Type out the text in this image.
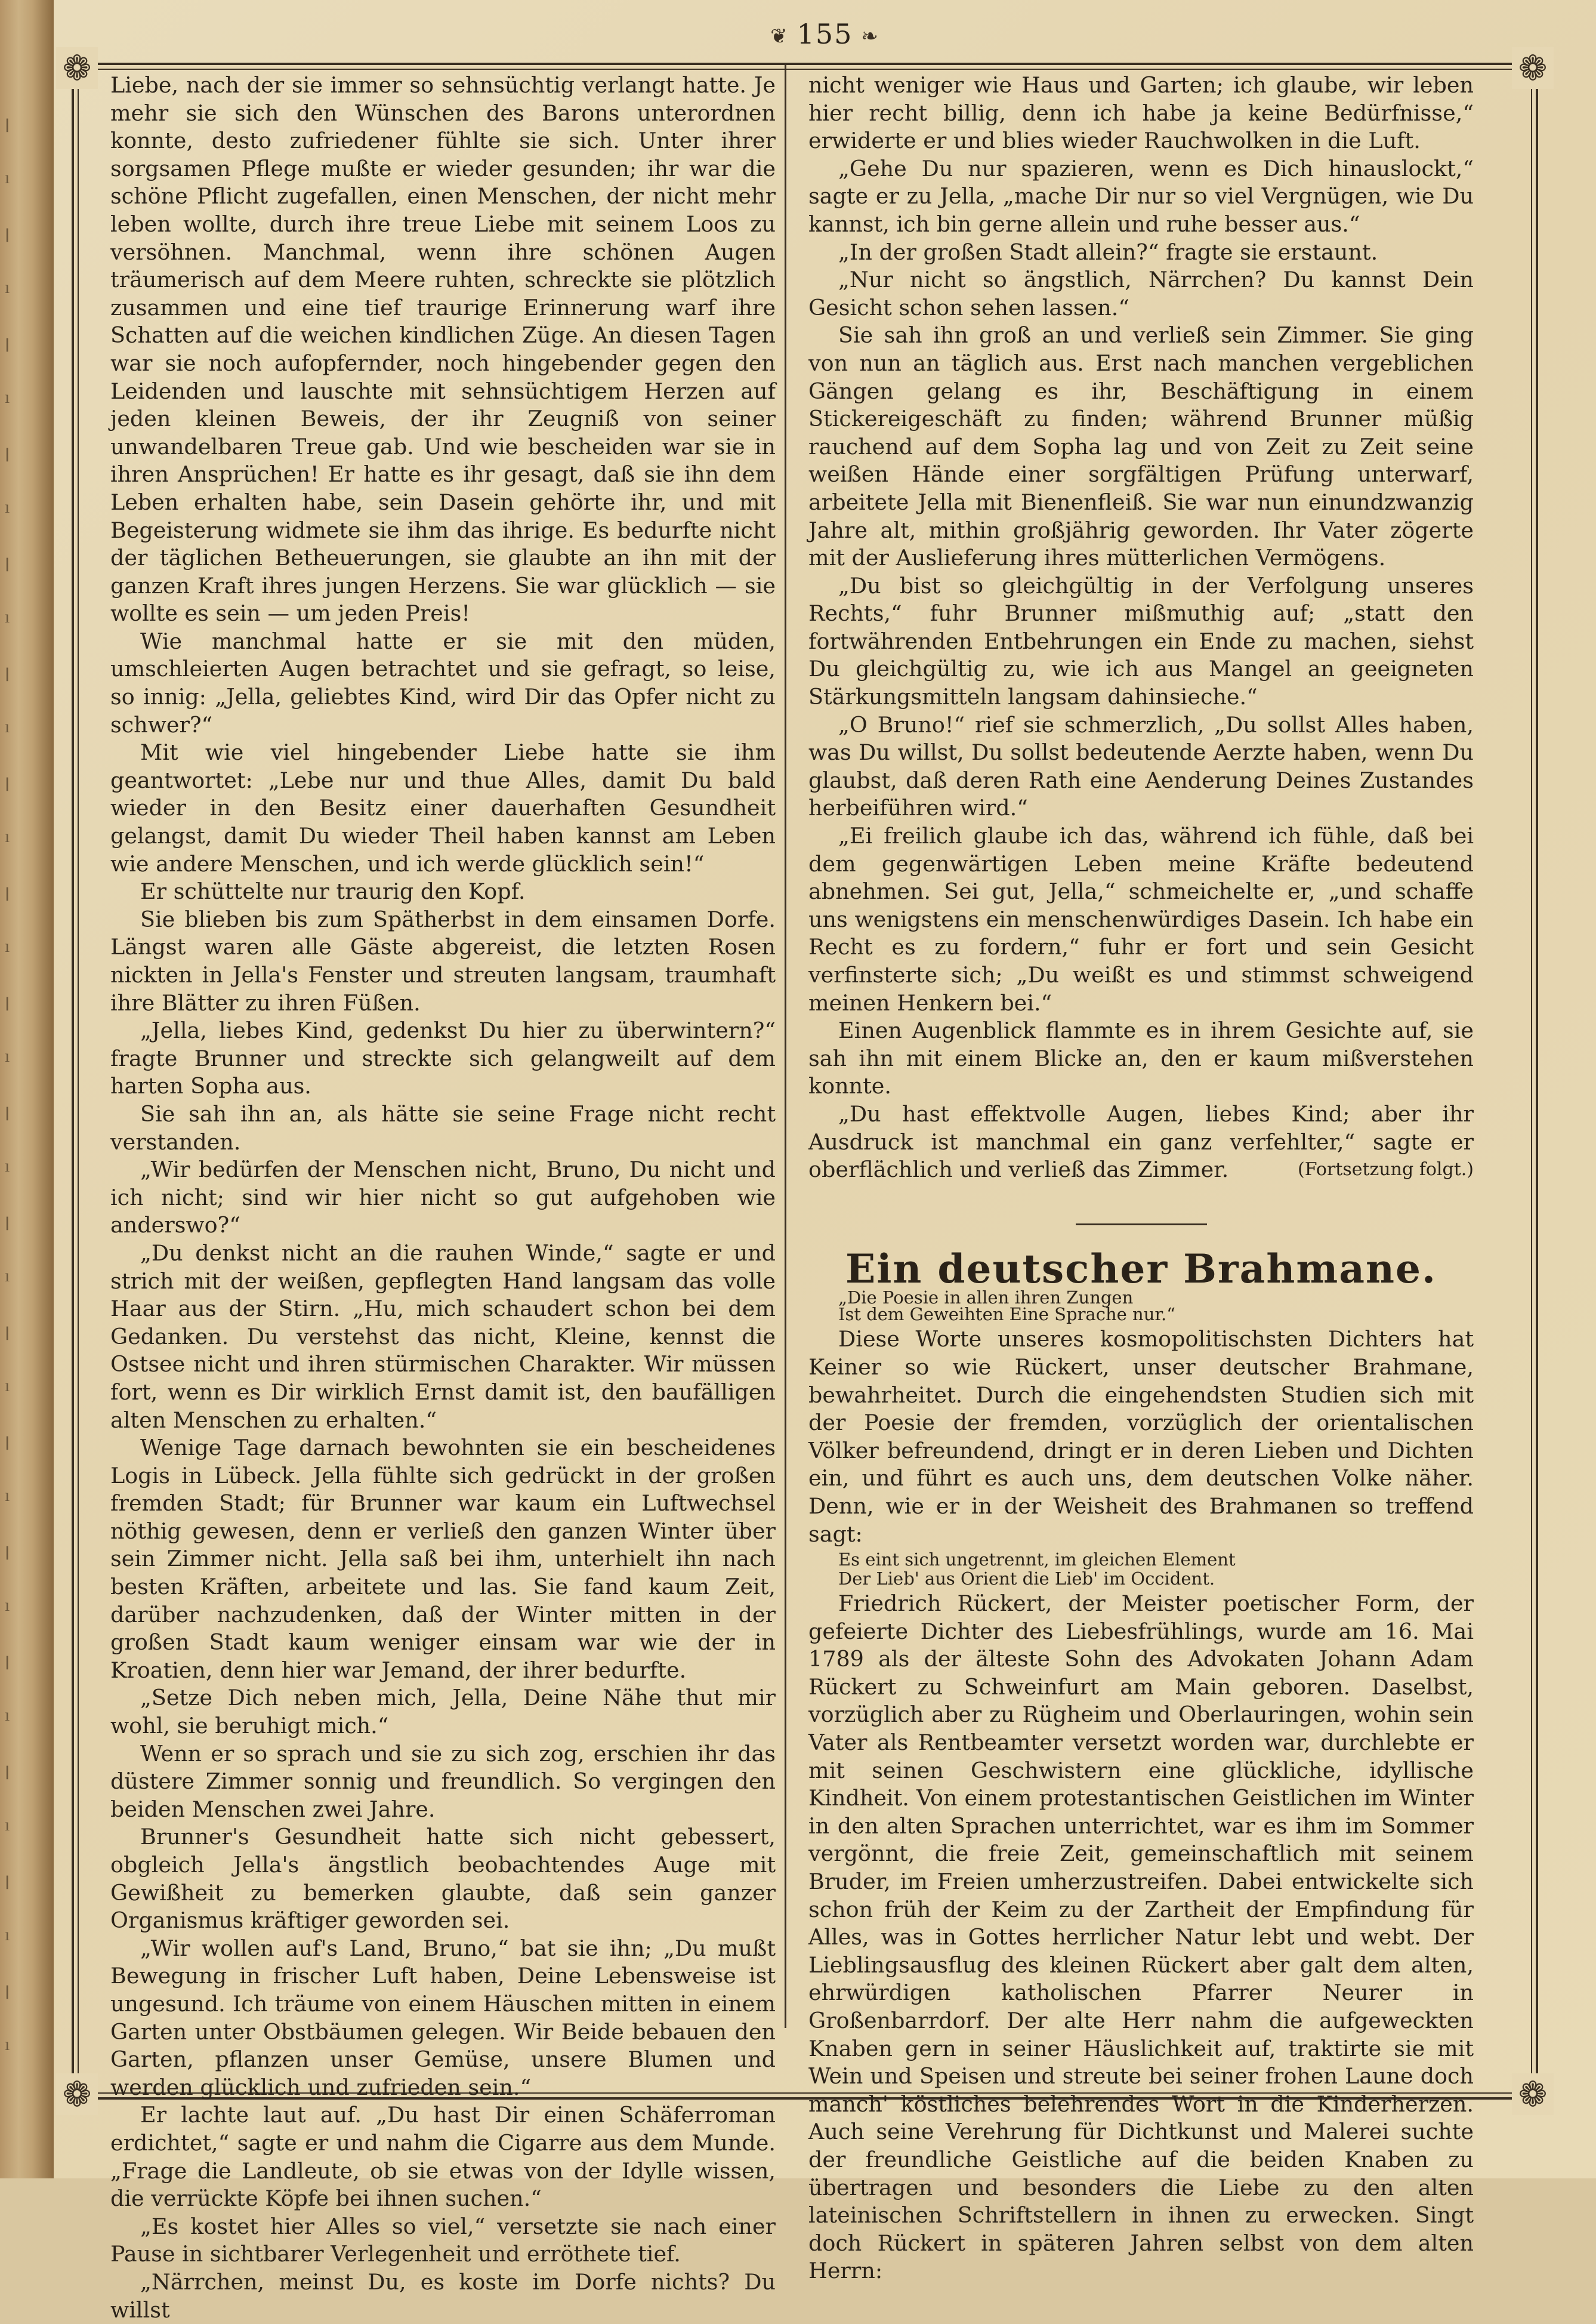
ꞁ
ı
ꞁ
ı
ꞁ
ı
ꞁ
ı
ꞁ
ı
ꞁ
ı
ꞁ
ı
ꞁ
ı
ꞁ
ı
ꞁ
ı
ꞁ
ı
ꞁ
ı
ꞁ
ı
ꞁ
ı
ꞁ
ı
ꞁ
ı
ꞁ
ı
ꞁ
ı
❦ 155 ❧
❁	❁
❁	❁

Liebe, nach der sie immer so sehnsüchtig verlangt hatte. Je mehr sie sich den Wünschen des Barons unterordnen konnte, desto zufriedener fühlte sie sich. Unter ihrer sorgsamen Pflege mußte er wieder gesunden; ihr war die schöne Pflicht zugefallen, einen Menschen, der nicht mehr leben wollte, durch ihre treue Liebe mit seinem Loos zu versöhnen. Manchmal, wenn ihre schönen Augen träumerisch auf dem Meere ruhten, schreckte sie plötzlich zusammen und eine tief traurige Erinnerung warf ihre Schatten auf die weichen kindlichen Züge. An diesen Tagen war sie noch aufopfernder, noch hingebender gegen den Leidenden und lauschte mit sehnsüchtigem Herzen auf jeden kleinen Beweis, der ihr Zeugniß von seiner unwandelbaren Treue gab. Und wie bescheiden war sie in ihren Ansprüchen! Er hatte es ihr gesagt, daß sie ihn dem Leben erhalten habe, sein Dasein gehörte ihr, und mit Begeisterung widmete sie ihm das ihrige. Es bedurfte nicht der täglichen Betheuerungen, sie glaubte an ihn mit der ganzen Kraft ihres jungen Herzens. Sie war glücklich — sie wollte es sein — um jeden Preis!

Wie manchmal hatte er sie mit den müden, umschleierten Augen betrachtet und sie gefragt, so leise, so innig: „Jella, geliebtes Kind, wird Dir das Opfer nicht zu schwer?“

Mit wie viel hingebender Liebe hatte sie ihm geantwortet: „Lebe nur und thue Alles, damit Du bald wieder in den Besitz einer dauerhaften Gesundheit gelangst, damit Du wieder Theil haben kannst am Leben wie andere Menschen, und ich werde glücklich sein!“

Er schüttelte nur traurig den Kopf.

Sie blieben bis zum Spätherbst in dem einsamen Dorfe. Längst waren alle Gäste abgereist, die letzten Rosen nickten in Jella's Fenster und streuten langsam, traumhaft ihre Blätter zu ihren Füßen.

„Jella, liebes Kind, gedenkst Du hier zu überwintern?“ fragte Brunner und streckte sich gelangweilt auf dem harten Sopha aus.

Sie sah ihn an, als hätte sie seine Frage nicht recht verstanden.

„Wir bedürfen der Menschen nicht, Bruno, Du nicht und ich nicht; sind wir hier nicht so gut aufgehoben wie anderswo?“

„Du denkst nicht an die rauhen Winde,“ sagte er und strich mit der weißen, gepflegten Hand langsam das volle Haar aus der Stirn. „Hu, mich schaudert schon bei dem Gedanken. Du verstehst das nicht, Kleine, kennst die Ostsee nicht und ihren stürmischen Charakter. Wir müssen fort, wenn es Dir wirklich Ernst damit ist, den baufälligen alten Menschen zu erhalten.“

Wenige Tage darnach bewohnten sie ein bescheidenes Logis in Lübeck. Jella fühlte sich gedrückt in der großen fremden Stadt; für Brunner war kaum ein Luftwechsel nöthig gewesen, denn er verließ den ganzen Winter über sein Zimmer nicht. Jella saß bei ihm, unterhielt ihn nach besten Kräften, arbeitete und las. Sie fand kaum Zeit, darüber nachzudenken, daß der Winter mitten in der großen Stadt kaum weniger einsam war wie der in Kroatien, denn hier war Jemand, der ihrer bedurfte.

„Setze Dich neben mich, Jella, Deine Nähe thut mir wohl, sie beruhigt mich.“

Wenn er so sprach und sie zu sich zog, erschien ihr das düstere Zimmer sonnig und freundlich. So vergingen den beiden Menschen zwei Jahre.

Brunner's Gesundheit hatte sich nicht gebessert, obgleich Jella's ängstlich beobachtendes Auge mit Gewißheit zu bemerken glaubte, daß sein ganzer Organismus kräftiger geworden sei.

„Wir wollen auf's Land, Bruno,“ bat sie ihn; „Du mußt Bewegung in frischer Luft haben, Deine Lebensweise ist ungesund. Ich träume von einem Häuschen mitten in einem Garten unter Obstbäumen gelegen. Wir Beide bebauen den Garten, pflanzen unser Gemüse, unsere Blumen und werden glücklich und zufrieden sein.“

Er lachte laut auf. „Du hast Dir einen Schäferroman erdichtet,“ sagte er und nahm die Cigarre aus dem Munde. „Frage die Landleute, ob sie etwas von der Idylle wissen, die verrückte Köpfe bei ihnen suchen.“

„Es kostet hier Alles so viel,“ versetzte sie nach einer Pause in sichtbarer Verlegenheit und erröthete tief.

„Närrchen, meinst Du, es koste im Dorfe nichts? Du willst

nicht weniger wie Haus und Garten; ich glaube, wir leben hier recht billig, denn ich habe ja keine Bedürfnisse,“ erwiderte er und blies wieder Rauchwolken in die Luft.

„Gehe Du nur spazieren, wenn es Dich hinauslockt,“ sagte er zu Jella, „mache Dir nur so viel Vergnügen, wie Du kannst, ich bin gerne allein und ruhe besser aus.“

„In der großen Stadt allein?“ fragte sie erstaunt.

„Nur nicht so ängstlich, Närrchen? Du kannst Dein Gesicht schon sehen lassen.“

Sie sah ihn groß an und verließ sein Zimmer. Sie ging von nun an täglich aus. Erst nach manchen vergeblichen Gängen gelang es ihr, Beschäftigung in einem Stickereigeschäft zu finden; während Brunner müßig rauchend auf dem Sopha lag und von Zeit zu Zeit seine weißen Hände einer sorgfältigen Prüfung unterwarf, arbeitete Jella mit Bienenfleiß. Sie war nun einundzwanzig Jahre alt, mithin großjährig geworden. Ihr Vater zögerte mit der Auslieferung ihres mütterlichen Vermögens.

„Du bist so gleichgültig in der Verfolgung unseres Rechts,“ fuhr Brunner mißmuthig auf; „statt den fortwährenden Entbehrungen ein Ende zu machen, siehst Du gleichgültig zu, wie ich aus Mangel an geeigneten Stärkungsmitteln langsam dahinsieche.“

„O Bruno!“ rief sie schmerzlich, „Du sollst Alles haben, was Du willst, Du sollst bedeutende Aerzte haben, wenn Du glaubst, daß deren Rath eine Aenderung Deines Zustandes herbeiführen wird.“

„Ei freilich glaube ich das, während ich fühle, daß bei dem gegenwärtigen Leben meine Kräfte bedeutend abnehmen. Sei gut, Jella,“ schmeichelte er, „und schaffe uns wenigstens ein menschenwürdiges Dasein. Ich habe ein Recht es zu fordern,“ fuhr er fort und sein Gesicht verfinsterte sich; „Du weißt es und stimmst schweigend meinen Henkern bei.“

Einen Augenblick flammte es in ihrem Gesichte auf, sie sah ihn mit einem Blicke an, den er kaum mißverstehen konnte.

„Du hast effektvolle Augen, liebes Kind; aber ihr Ausdruck ist manchmal ein ganz verfehlter,“ sagte er oberflächlich und verließ das Zimmer.	(Fortsetzung folgt.)

Ein deutscher Brahmane.

„Die Poesie in allen ihren Zungen

Ist dem Geweihten Eine Sprache nur.“

Diese Worte unseres kosmopolitischsten Dichters hat Keiner so wie Rückert, unser deutscher Brahmane, bewahrheitet. Durch die eingehendsten Studien sich mit der Poesie der fremden, vorzüglich der orientalischen Völker befreundend, dringt er in deren Lieben und Dichten ein, und führt es auch uns, dem deutschen Volke näher. Denn, wie er in der Weisheit des Brahmanen so treffend sagt:

Es eint sich ungetrennt, im gleichen Element

Der Lieb' aus Orient die Lieb' im Occident.

Friedrich Rückert, der Meister poetischer Form, der gefeierte Dichter des Liebesfrühlings, wurde am 16. Mai 1789 als der älteste Sohn des Advokaten Johann Adam Rückert zu Schweinfurt am Main geboren. Daselbst, vorzüglich aber zu Rügheim und Oberlauringen, wohin sein Vater als Rentbeamter versetzt worden war, durchlebte er mit seinen Geschwistern eine glückliche, idyllische Kindheit. Von einem protestantischen Geistlichen im Winter in den alten Sprachen unterrichtet, war es ihm im Sommer vergönnt, die freie Zeit, gemeinschaftlich mit seinem Bruder, im Freien umherzustreifen. Dabei entwickelte sich schon früh der Keim zu der Zartheit der Empfindung für Alles, was in Gottes herrlicher Natur lebt und webt. Der Lieblingsausflug des kleinen Rückert aber galt dem alten, ehrwürdigen katholischen Pfarrer Neurer in Großenbarrdorf. Der alte Herr nahm die aufgeweckten Knaben gern in seiner Häuslichkeit auf, traktirte sie mit Wein und Speisen und streute bei seiner frohen Laune doch manch' köstliches belehrendes Wort in die Kinderherzen. Auch seine Verehrung für Dichtkunst und Malerei suchte der freundliche Geistliche auf die beiden Knaben zu übertragen und besonders die Liebe zu den alten lateinischen Schriftstellern in ihnen zu erwecken. Singt doch Rückert in späteren Jahren selbst von dem alten Herrn:
